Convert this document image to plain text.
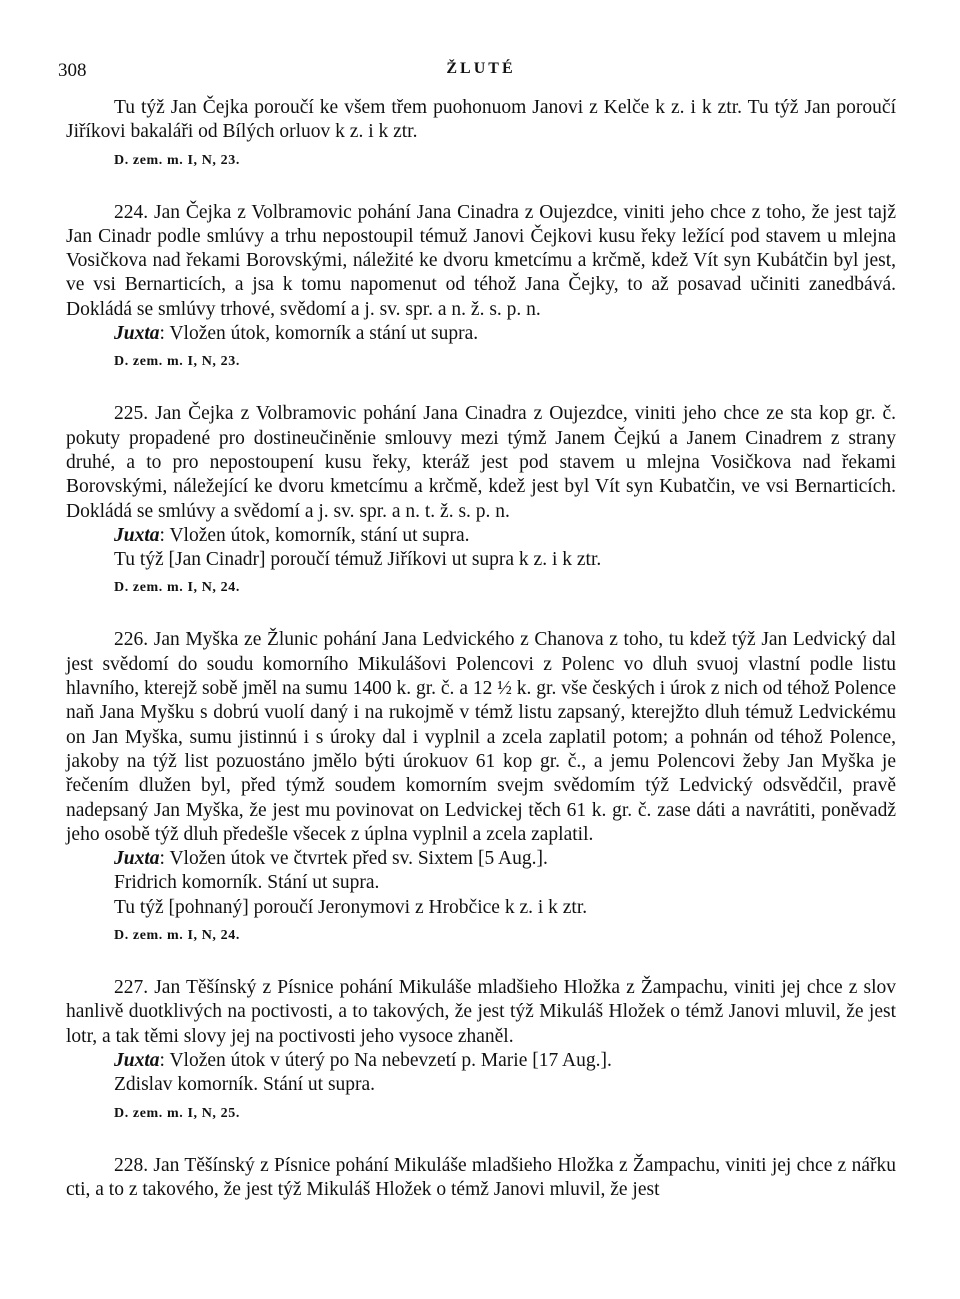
308	ŽLUTÉ

Tu týž Jan Čejka poroučí ke všem třem puohonuom Janovi z Kelče k z. i k ztr. Tu týž Jan poroučí Jiříkovi bakaláři od Bílých orluov k z. i k ztr.

D. zem. m. I, N, 23.

224. Jan Čejka z Volbramovic pohání Jana Cinadra z Oujezdce, viniti jeho chce z toho, že jest tajž Jan Cinadr podle smlúvy a trhu nepostoupil témuž Janovi Čejkovi kusu řeky ležící pod stavem u mlejna Vosičkova nad řekami Borovskými, náležité ke dvoru kmetcímu a krčmě, kdež Vít syn Kubátčin byl jest, ve vsi Bernarticích, a jsa k tomu napomenut od téhož Jana Čejky, to až posavad učiniti zanedbává. Dokládá se smlúvy trhové, svědomí a j. sv. spr. a n. ž. s. p. n.

Juxta: Vložen útok, komorník a stání ut supra.

D. zem. m. I, N, 23.

225. Jan Čejka z Volbramovic pohání Jana Cinadra z Oujezdce, viniti jeho chce ze sta kop gr. č. pokuty propadené pro dostineučiněnie smlouvy mezi týmž Janem Čejkú a Janem Cinadrem z strany druhé, a to pro nepostoupení kusu řeky, kteráž jest pod stavem u mlejna Vosičkova nad řekami Borovskými, náležející ke dvoru kmetcímu a krčmě, kdež jest byl Vít syn Kubatčin, ve vsi Bernarticích. Dokládá se smlúvy a svědomí a j. sv. spr. a n. t. ž. s. p. n.

Juxta: Vložen útok, komorník, stání ut supra.

Tu týž [Jan Cinadr] poroučí témuž Jiříkovi ut supra k z. i k ztr.

D. zem. m. I, N, 24.

226. Jan Myška ze Žlunic pohání Jana Ledvického z Chanova z toho, tu kdež týž Jan Ledvický dal jest svědomí do soudu komorního Mikulášovi Polencovi z Polenc vo dluh svuoj vlastní podle listu hlavního, kterejž sobě jměl na sumu 1400 k. gr. č. a 12 ½ k. gr. vše českých i úrok z nich od téhož Polence naň Jana Myšku s dobrú vuolí daný i na rukojmě v témž listu zapsaný, kterejžto dluh témuž Ledvickému on Jan Myška, sumu jistinnú i s úroky dal i vyplnil a zcela zaplatil potom; a pohnán od téhož Polence, jakoby na týž list pozuostáno jmělo býti úrokuov 61 kop gr. č., a jemu Polencovi žeby Jan Myška je řečením dlužen byl, před týmž soudem komorním svejm svědomím týž Ledvický odsvědčil, pravě nadepsaný Jan Myška, že jest mu povinovat on Ledvickej těch 61 k. gr. č. zase dáti a navrátiti, poněvadž jeho osobě týž dluh předešle všecek z úplna vyplnil a zcela zaplatil.

Juxta: Vložen útok ve čtvrtek před sv. Sixtem [5 Aug.].

Fridrich komorník. Stání ut supra.

Tu týž [pohnaný] poroučí Jeronymovi z Hrobčice k z. i k ztr.

D. zem. m. I, N, 24.

227. Jan Těšínský z Písnice pohání Mikuláše mladšieho Hložka z Žampachu, viniti jej chce z slov hanlivě duotklivých na poctivosti, a to takových, že jest týž Mikuláš Hložek o témž Janovi mluvil, že jest lotr, a tak těmi slovy jej na poctivosti jeho vysoce zhaněl.

Juxta: Vložen útok v úterý po Na nebevzetí p. Marie [17 Aug.].

Zdislav komorník. Stání ut supra.

D. zem. m. I, N, 25.

228. Jan Těšínský z Písnice pohání Mikuláše mladšieho Hložka z Žampachu, viniti jej chce z nářku cti, a to z takového, že jest týž Mikuláš Hložek o témž Janovi mluvil, že jest
